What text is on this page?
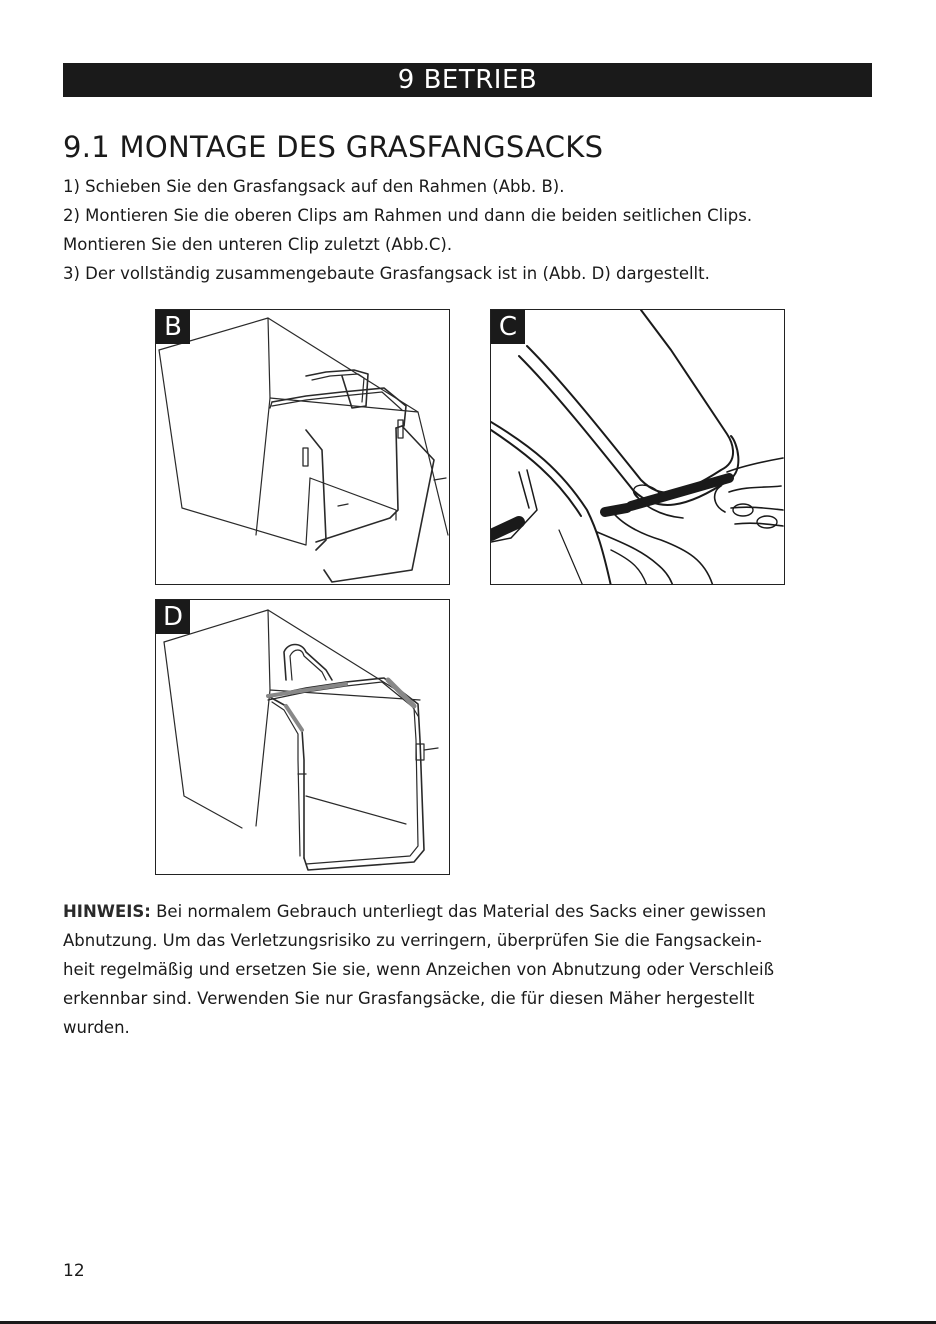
9 BETRIEB
9.1 MONTAGE DES GRASFANGSACKS

1) Schieben Sie den Grasfangsack auf den Rahmen (Abb. B).

2) Montieren Sie die oberen Clips am Rahmen und dann die beiden seitlichen Clips.

Montieren Sie den unteren Clip zuletzt (Abb.C).

3) Der vollständig zusammengebaute Grasfangsack ist in (Abb. D) dargestellt.

B	C
D
HINWEIS: Bei normalem Gebrauch unterliegt das Material des Sacks einer gewissen
Abnutzung. Um das Verletzungsrisiko zu verringern, überprüfen Sie die Fangsackein-
heit regelmäßig und ersetzen Sie sie, wenn Anzeichen von Abnutzung oder Verschleiß
erkennbar sind. Verwenden Sie nur Grasfangsäcke, die für diesen Mäher hergestellt
wurden.
12
